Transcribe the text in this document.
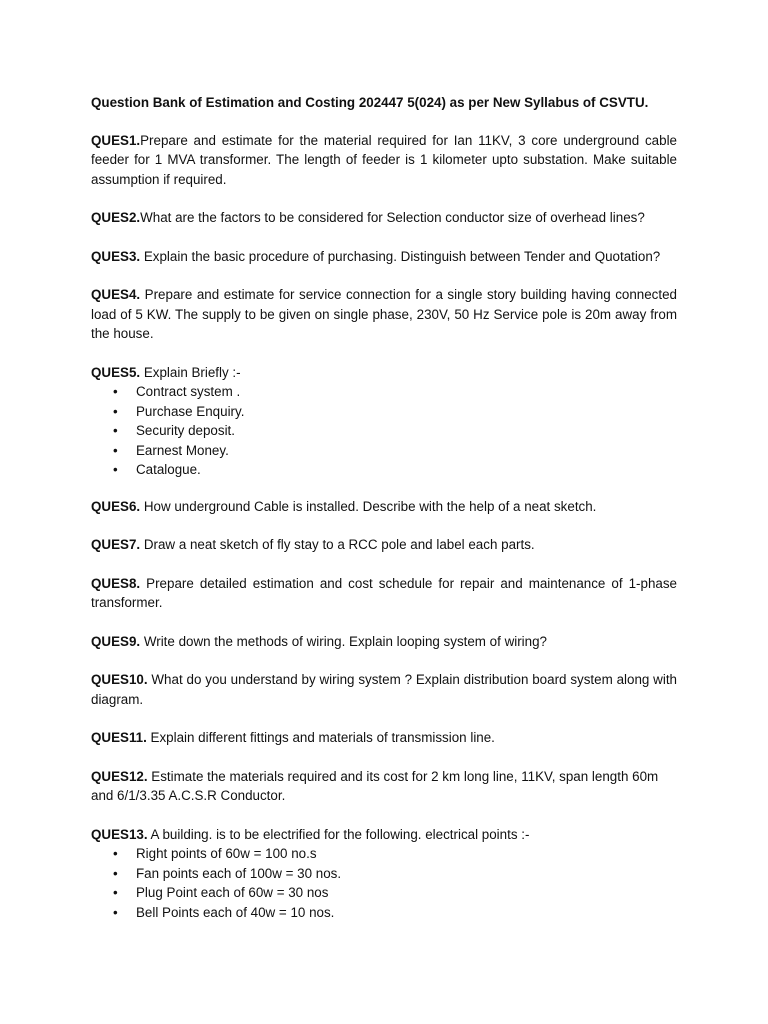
Question Bank of Estimation and Costing 202447 5(024) as per New Syllabus of CSVTU.
QUES1.Prepare and estimate for the material required for Ian 11KV, 3 core underground cable feeder for 1 MVA transformer. The length of feeder is 1 kilometer upto substation. Make suitable assumption if required.
QUES2.What are the factors to be considered for Selection conductor size of overhead lines?
QUES3. Explain the basic procedure of purchasing. Distinguish between Tender and Quotation?
QUES4. Prepare and estimate for service connection for a single story building having connected load of 5 KW. The supply to be given on single phase, 230V, 50 Hz Service pole is 20m away from the house.
QUES5. Explain Briefly :-
• Contract system .
• Purchase Enquiry.
• Security deposit.
• Earnest Money.
• Catalogue.
QUES6. How underground Cable is installed. Describe with the help of a neat sketch.
QUES7. Draw a neat sketch of fly stay to a RCC pole and label each parts.
QUES8. Prepare detailed estimation and cost schedule for repair and maintenance of 1-phase transformer.
QUES9. Write down the methods of wiring. Explain looping system of wiring?
QUES10. What do you understand by wiring system ? Explain distribution board system along with diagram.
QUES11. Explain different fittings and materials of transmission line.
QUES12. Estimate the materials required and its cost for 2 km long line, 11KV, span length 60m and 6/1/3.35 A.C.S.R Conductor.
QUES13. A building. is to be electrified for the following. electrical points :-
• Right points of 60w = 100 no.s
• Fan points each of 100w = 30 nos.
• Plug Point each of 60w = 30 nos
• Bell Points each of 40w = 10 nos.
